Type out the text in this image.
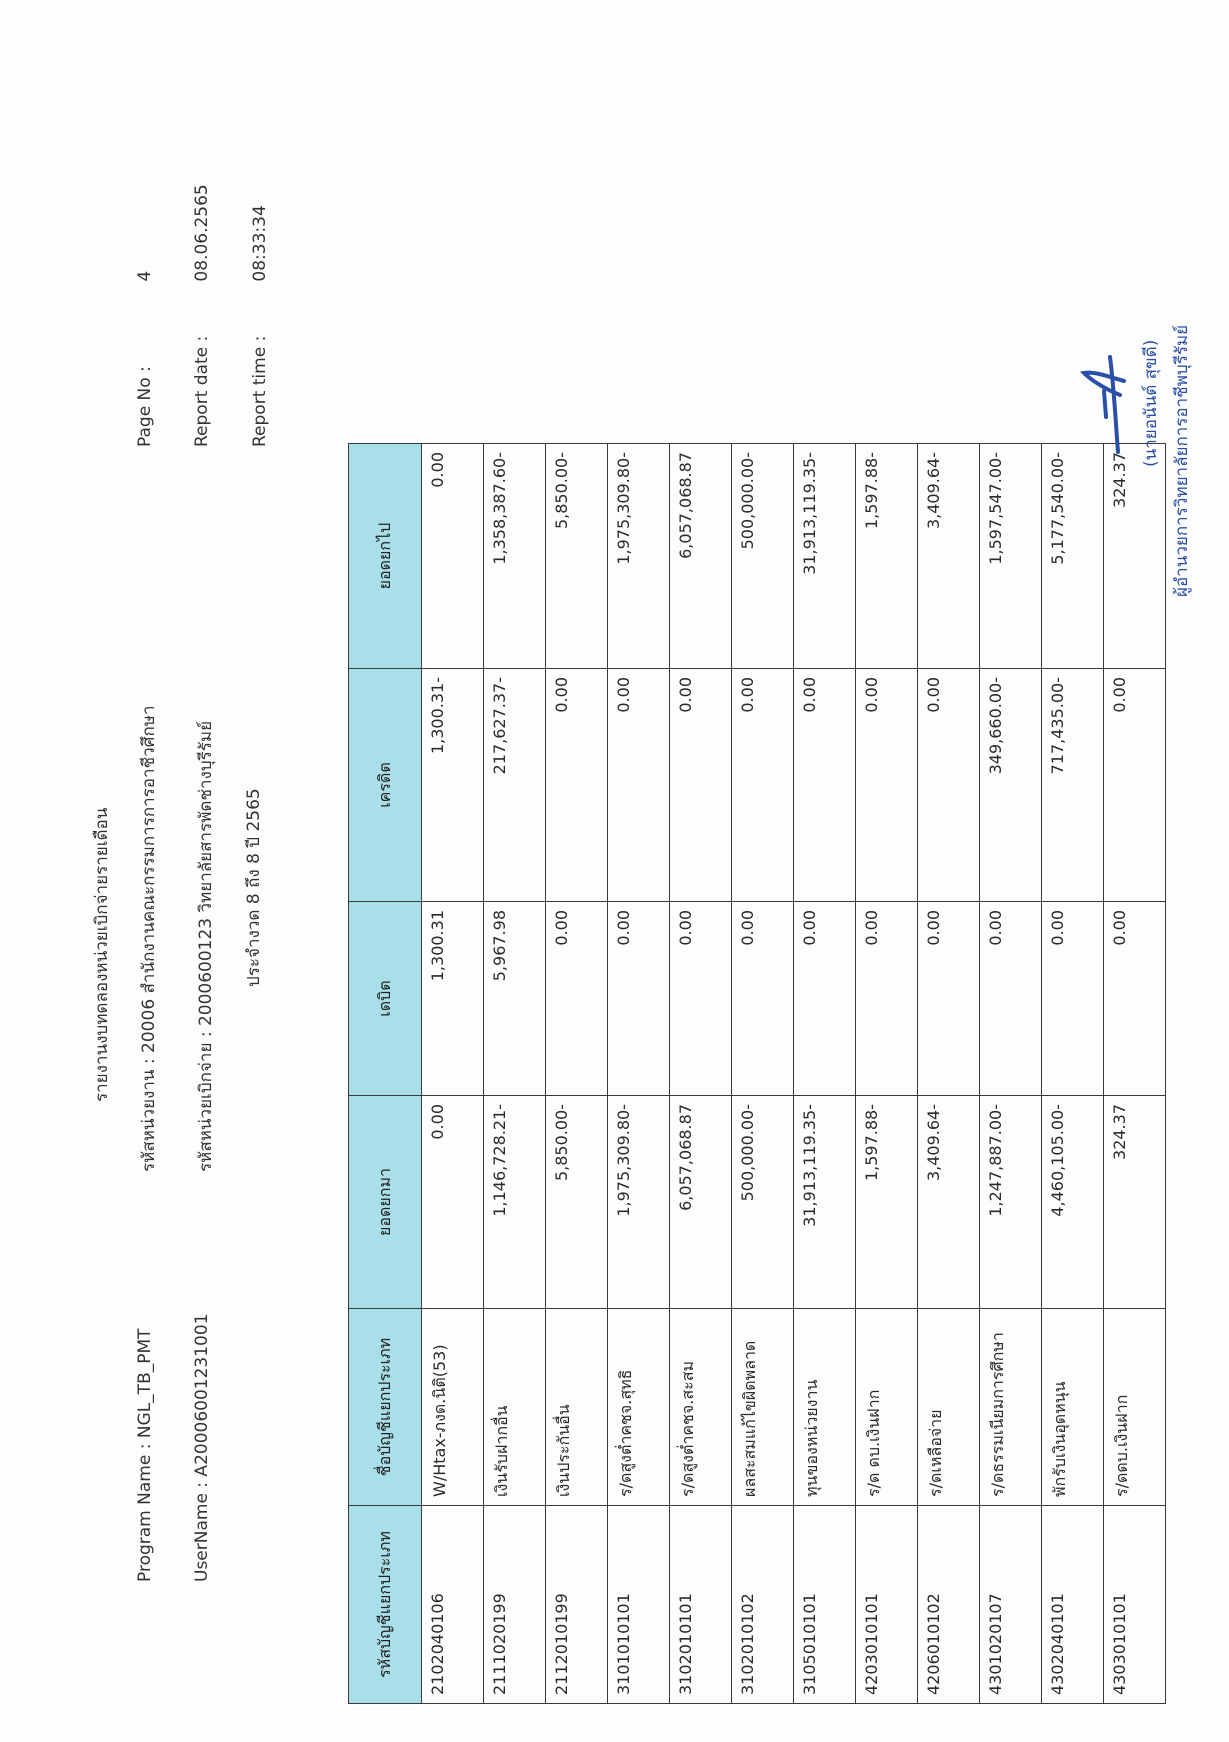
รายงานงบทดลองหน่วยเบิกจ่ายรายเดือน
Program Name : NGL_TB_PMT UserName : A20006001231001
รหัสหน่วยงาน : 20006 สำนักงานคณะกรรมการการอาชีวศึกษา รหัสหน่วยเบิกจ่าย : 2000600123 วิทยาลัยสารพัดช่างบุรีรัมย์ ประจำงวด 8 ถึง 8 ปี 2565
Page No : 4
Report date : 08.06.2565
Report time : 08:33:34
รหัสบัญชีแยกประเภท	ชื่อบัญชีแยกประเภท	ยอดยกมา	เดบิต	เครดิต	ยอดยกไป
2102040106	W/Htax-ภงด.นิติ(53)	0.00	1,300.31	1,300.31-	0.00
2111020199	เงินรับฝากอื่น	1,146,728.21-	5,967.98	217,627.37-	1,358,387.60-
2112010199	เงินประกันอื่น	5,850.00-	0.00	0.00	5,850.00-
3101010101	ร/ดสูงต่ำคชจ.สุทธิ	1,975,309.80-	0.00	0.00	1,975,309.80-
3102010101	ร/ดสูงต่ำคชจ.สะสม	6,057,068.87	0.00	0.00	6,057,068.87
3102010102	ผลสะสมแก้ไขผิดพลาด	500,000.00-	0.00	0.00	500,000.00-
3105010101	ทุนของหน่วยงาน	31,913,119.35-	0.00	0.00	31,913,119.35-
4203010101	ร/ด ดบ.เงินฝาก	1,597.88-	0.00	0.00	1,597.88-
4206010102	ร/ดเหลือจ่าย	3,409.64-	0.00	0.00	3,409.64-
4301020107	ร/ดธรรมเนียมการศึกษา	1,247,887.00-	0.00	349,660.00-	1,597,547.00-
4302040101	พักรับเงินอุดหนุน	4,460,105.00-	0.00	717,435.00-	5,177,540.00-
4303010101	ร/ดดบ.เงินฝาก	324.37	0.00	0.00	324.37
(นายอนันต์ สุขดี) ผู้อำนวยการวิทยาลัยการอาชีพบุรีรัมย์
